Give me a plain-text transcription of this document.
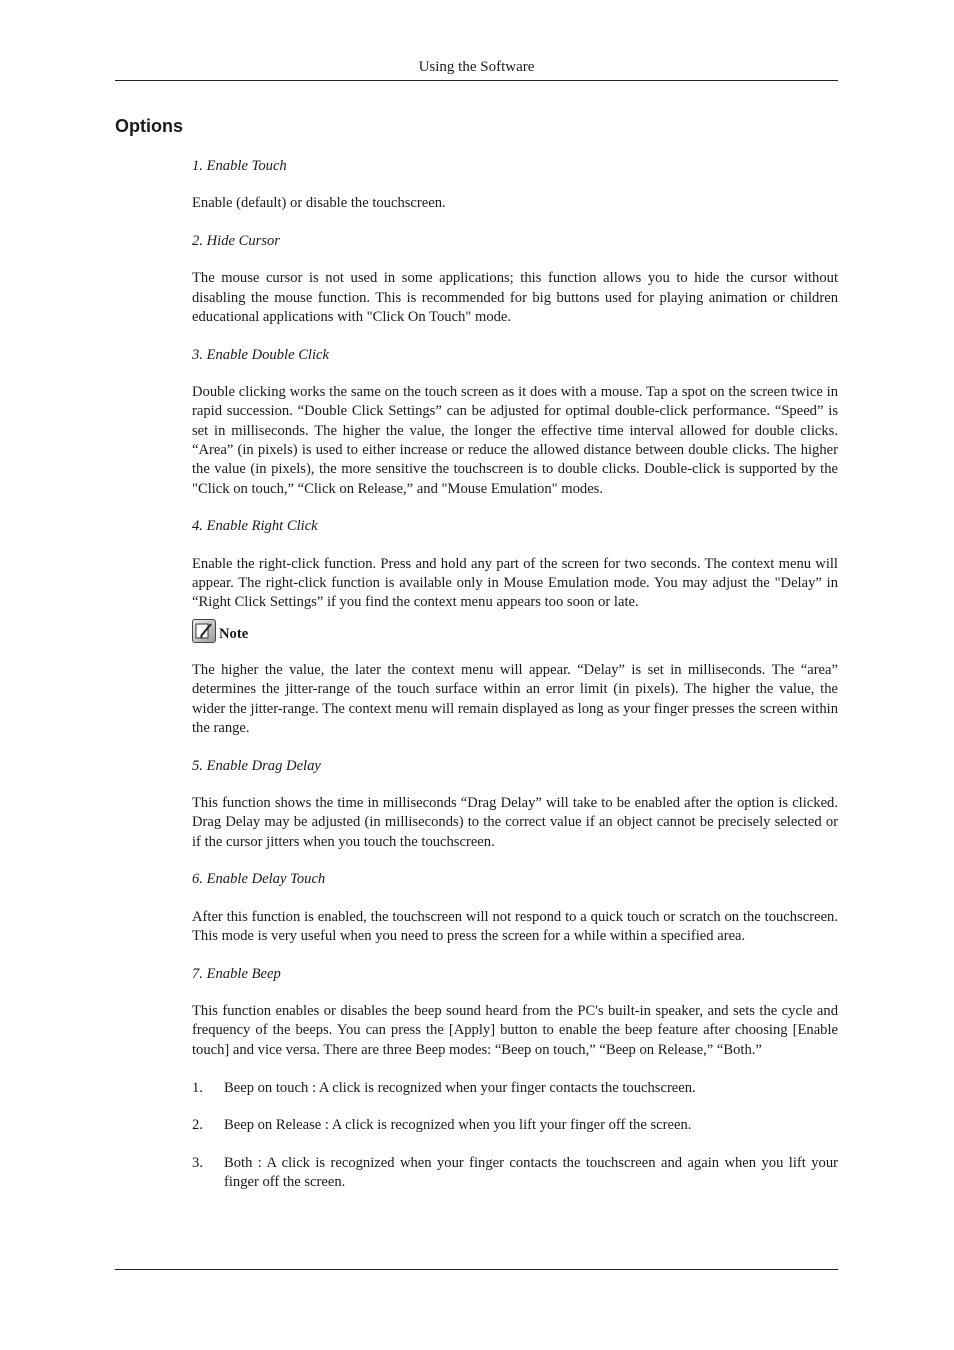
Using the Software
Options

1. Enable Touch

Enable (default) or disable the touchscreen.

2. Hide Cursor

The mouse cursor is not used in some applications; this function allows you to hide the cursor without disabling the mouse function. This is recommended for big buttons used for playing animation or children educational applications with "Click On Touch" mode.

3. Enable Double Click

Double clicking works the same on the touch screen as it does with a mouse. Tap a spot on the screen twice in rapid succession. “Double Click Settings” can be adjusted for optimal double-click performance. “Speed” is set in milliseconds. The higher the value, the longer the effective time interval allowed for double clicks. “Area” (in pixels) is used to either increase or reduce the allowed distance between double clicks. The higher the value (in pixels), the more sensitive the touchscreen is to double clicks. Double-click is supported by the "Click on touch,” “Click on Release,” and "Mouse Emulation" modes.

4. Enable Right Click

Enable the right-click function. Press and hold any part of the screen for two seconds. The context menu will appear. The right-click function is available only in Mouse Emulation mode. You may adjust the "Delay” in “Right Click Settings” if you find the context menu appears too soon or late.

Note

The higher the value, the later the context menu will appear. “Delay” is set in milliseconds. The “area” determines the jitter-range of the touch surface within an error limit (in pixels). The higher the value, the wider the jitter-range. The context menu will remain displayed as long as your finger presses the screen within the range.

5. Enable Drag Delay

This function shows the time in milliseconds “Drag Delay” will take to be enabled after the option is clicked. Drag Delay may be adjusted (in milliseconds) to the correct value if an object cannot be precisely selected or if the cursor jitters when you touch the touchscreen.

6. Enable Delay Touch

After this function is enabled, the touchscreen will not respond to a quick touch or scratch on the touchscreen. This mode is very useful when you need to press the screen for a while within a specified area.

7. Enable Beep

This function enables or disables the beep sound heard from the PC's built-in speaker, and sets the cycle and frequency of the beeps. You can press the [Apply] button to enable the beep feature after choosing [Enable touch] and vice versa. There are three Beep modes: “Beep on touch,” “Beep on Release,” “Both.”

1.	Beep on touch : A click is recognized when your finger contacts the touchscreen.
2.	Beep on Release : A click is recognized when you lift your finger off the screen.
3.	Both : A click is recognized when your finger contacts the touchscreen and again when you lift your finger off the screen.
